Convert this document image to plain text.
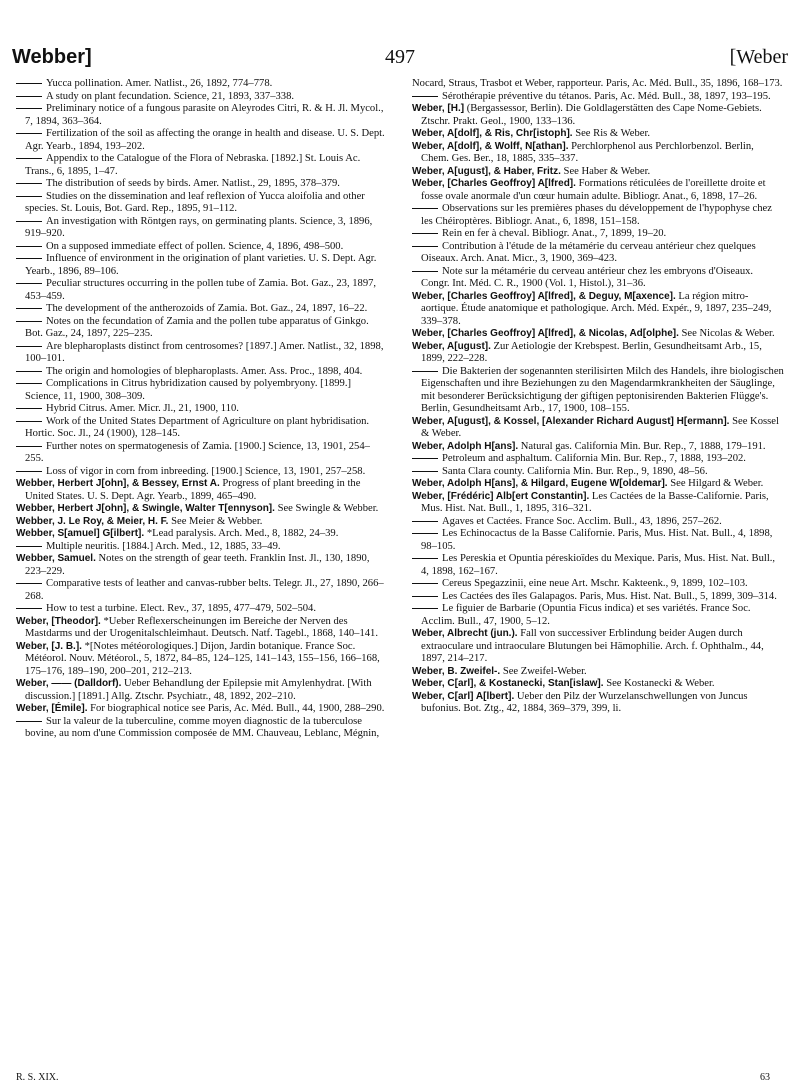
Webber]	497	[Weber

Yucca pollination. Amer. Natlist., 26, 1892, 774–778.

A study on plant fecundation. Science, 21, 1893, 337–338.

Preliminary notice of a fungous parasite on Aleyrodes Citri, R. & H. Jl. Mycol., 7, 1894, 363–364.

Fertilization of the soil as affecting the orange in health and disease. U. S. Dept. Agr. Yearb., 1894, 193–202.

Appendix to the Catalogue of the Flora of Nebraska. [1892.] St. Louis Ac. Trans., 6, 1895, 1–47.

The distribution of seeds by birds. Amer. Natlist., 29, 1895, 378–379.

Studies on the dissemination and leaf reflexion of Yucca aloifolia and other species. St. Louis, Bot. Gard. Rep., 1895, 91–112.

An investigation with Röntgen rays, on germinating plants. Science, 3, 1896, 919–920.

On a supposed immediate effect of pollen. Science, 4, 1896, 498–500.

Influence of environment in the origination of plant varieties. U. S. Dept. Agr. Yearb., 1896, 89–106.

Peculiar structures occurring in the pollen tube of Zamia. Bot. Gaz., 23, 1897, 453–459.

The development of the antherozoids of Zamia. Bot. Gaz., 24, 1897, 16–22.

Notes on the fecundation of Zamia and the pollen tube apparatus of Ginkgo. Bot. Gaz., 24, 1897, 225–235.

Are blepharoplasts distinct from centrosomes? [1897.] Amer. Natlist., 32, 1898, 100–101.

The origin and homologies of blepharoplasts. Amer. Ass. Proc., 1898, 404.

Complications in Citrus hybridization caused by polyembryony. [1899.] Science, 11, 1900, 308–309.

Hybrid Citrus. Amer. Micr. Jl., 21, 1900, 110.

Work of the United States Department of Agriculture on plant hybridisation. Hortic. Soc. Jl., 24 (1900), 128–145.

Further notes on spermatogenesis of Zamia. [1900.] Science, 13, 1901, 254–255.

Loss of vigor in corn from inbreeding. [1900.] Science, 13, 1901, 257–258.

Webber, Herbert J[ohn], & Bessey, Ernst A. Progress of plant breeding in the United States. U. S. Dept. Agr. Yearb., 1899, 465–490.

Webber, Herbert J[ohn], & Swingle, Walter T[ennyson]. See Swingle & Webber.

Webber, J. Le Roy, & Meier, H. F. See Meier & Webber.

Webber, S[amuel] G[ilbert]. *Lead paralysis. Arch. Med., 8, 1882, 24–39.

Multiple neuritis. [1884.] Arch. Med., 12, 1885, 33–49.

Webber, Samuel. Notes on the strength of gear teeth. Franklin Inst. Jl., 130, 1890, 223–229.

Comparative tests of leather and canvas-rubber belts. Telegr. Jl., 27, 1890, 266–268.

How to test a turbine. Elect. Rev., 37, 1895, 477–479, 502–504.

Weber, [Theodor]. *Ueber Reflexerscheinungen im Bereiche der Nerven des Mastdarms und der Urogenitalschleimhaut. Deutsch. Natf. Tagebl., 1868, 140–141.

Weber, [J. B.]. *[Notes météorologiques.] Dijon, Jardin botanique. France Soc. Météorol. Nouv. Météorol., 5, 1872, 84–85, 124–125, 141–143, 155–156, 166–168, 175–176, 189–190, 200–201, 212–213.

Weber, —— (Dalldorf). Ueber Behandlung der Epilepsie mit Amylenhydrat. [With discussion.] [1891.] Allg. Ztschr. Psychiatr., 48, 1892, 202–210.

Weber, [Émile]. For biographical notice see Paris, Ac. Méd. Bull., 44, 1900, 288–290.

Sur la valeur de la tuberculine, comme moyen diagnostic de la tuberculose bovine, au nom d'une Commission composée de MM. Chauveau, Leblanc, Mégnin,

Nocard, Straus, Trasbot et Weber, rapporteur. Paris, Ac. Méd. Bull., 35, 1896, 168–173.

Sérothérapie préventive du tétanos. Paris, Ac. Méd. Bull., 38, 1897, 193–195.

Weber, [H.] (Bergassessor, Berlin). Die Goldlagerstätten des Cape Nome-Gebiets. Ztschr. Prakt. Geol., 1900, 133–136.

Weber, A[dolf], & Ris, Chr[istoph]. See Ris & Weber.

Weber, A[dolf], & Wolff, N[athan]. Perchlorphenol aus Perchlorbenzol. Berlin, Chem. Ges. Ber., 18, 1885, 335–337.

Weber, A[ugust], & Haber, Fritz. See Haber & Weber.

Weber, [Charles Geoffroy] A[lfred]. Formations réticulées de l'oreillette droite et fosse ovale anormale d'un cœur humain adulte. Bibliogr. Anat., 6, 1898, 17–26.

Observations sur les premières phases du développement de l'hypophyse chez les Chéiroptères. Bibliogr. Anat., 6, 1898, 151–158.

Rein en fer à cheval. Bibliogr. Anat., 7, 1899, 19–20.

Contribution à l'étude de la métamérie du cerveau antérieur chez quelques Oiseaux. Arch. Anat. Micr., 3, 1900, 369–423.

Note sur la métamérie du cerveau antérieur chez les embryons d'Oiseaux. Congr. Int. Méd. C. R., 1900 (Vol. 1, Histol.), 31–36.

Weber, [Charles Geoffroy] A[lfred], & Deguy, M[axence]. La région mitro-aortique. Étude anatomique et pathologique. Arch. Méd. Expér., 9, 1897, 235–249, 339–378.

Weber, [Charles Geoffroy] A[lfred], & Nicolas, Ad[olphe]. See Nicolas & Weber.

Weber, A[ugust]. Zur Aetiologie der Krebspest. Berlin, Gesundheitsamt Arb., 15, 1899, 222–228.

Die Bakterien der sogenannten sterilisirten Milch des Handels, ihre biologischen Eigenschaften und ihre Beziehungen zu den Magendarmkrankheiten der Säuglinge, mit besonderer Berücksichtigung der giftigen peptonisirenden Bakterien Flügge's. Berlin, Gesundheitsamt Arb., 17, 1900, 108–155.

Weber, A[ugust], & Kossel, [Alexander Richard August] H[ermann]. See Kossel & Weber.

Weber, Adolph H[ans]. Natural gas. California Min. Bur. Rep., 7, 1888, 179–191.

Petroleum and asphaltum. California Min. Bur. Rep., 7, 1888, 193–202.

Santa Clara county. California Min. Bur. Rep., 9, 1890, 48–56.

Weber, Adolph H[ans], & Hilgard, Eugene W[oldemar]. See Hilgard & Weber.

Weber, [Frédéric] Alb[ert Constantin]. Les Cactées de la Basse-Californie. Paris, Mus. Hist. Nat. Bull., 1, 1895, 316–321.

Agaves et Cactées. France Soc. Acclim. Bull., 43, 1896, 257–262.

Les Echinocactus de la Basse Californie. Paris, Mus. Hist. Nat. Bull., 4, 1898, 98–105.

Les Pereskia et Opuntia péreskioïdes du Mexique. Paris, Mus. Hist. Nat. Bull., 4, 1898, 162–167.

Cereus Spegazzinii, eine neue Art. Mschr. Kakteenk., 9, 1899, 102–103.

Les Cactées des îles Galapagos. Paris, Mus. Hist. Nat. Bull., 5, 1899, 309–314.

Le figuier de Barbarie (Opuntia Ficus indica) et ses variétés. France Soc. Acclim. Bull., 47, 1900, 5–12.

Weber, Albrecht (jun.). Fall von successiver Erblindung beider Augen durch extraoculare und intraoculare Blutungen bei Hämophilie. Arch. f. Ophthalm., 44, 1897, 214–217.

Weber, B. Zweifel-. See Zweifel-Weber.

Weber, C[arl], & Kostanecki, Stan[islaw]. See Kostanecki & Weber.

Weber, C[arl] A[lbert]. Ueber den Pilz der Wurzelanschwellungen von Juncus bufonius. Bot. Ztg., 42, 1884, 369–379, 399, li.

R. S. XIX.	63
